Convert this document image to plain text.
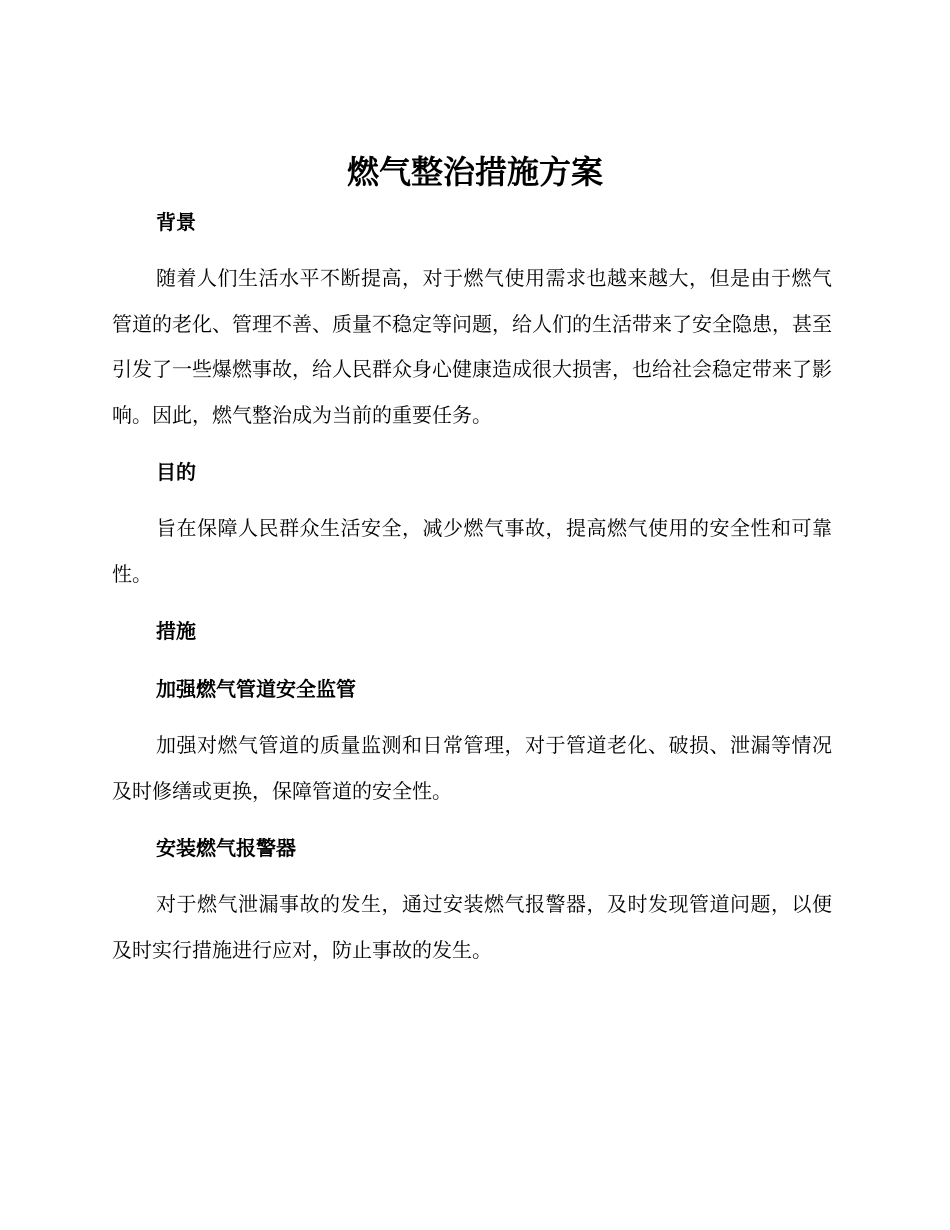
燃气整治措施方案
背景

随着人们生活水平不断提高，对于燃气使用需求也越来越大，但是由于燃气管道的老化、管理不善、质量不稳定等问题，给人们的生活带来了安全隐患，甚至引发了一些爆燃事故，给人民群众身心健康造成很大损害，也给社会稳定带来了影响。因此，燃气整治成为当前的重要任务。

目的

旨在保障人民群众生活安全，减少燃气事故，提高燃气使用的安全性和可靠性。

措施
加强燃气管道安全监管

加强对燃气管道的质量监测和日常管理，对于管道老化、破损、泄漏等情况及时修缮或更换，保障管道的安全性。

安装燃气报警器

对于燃气泄漏事故的发生，通过安装燃气报警器，及时发现管道问题，以便及时实行措施进行应对，防止事故的发生。
